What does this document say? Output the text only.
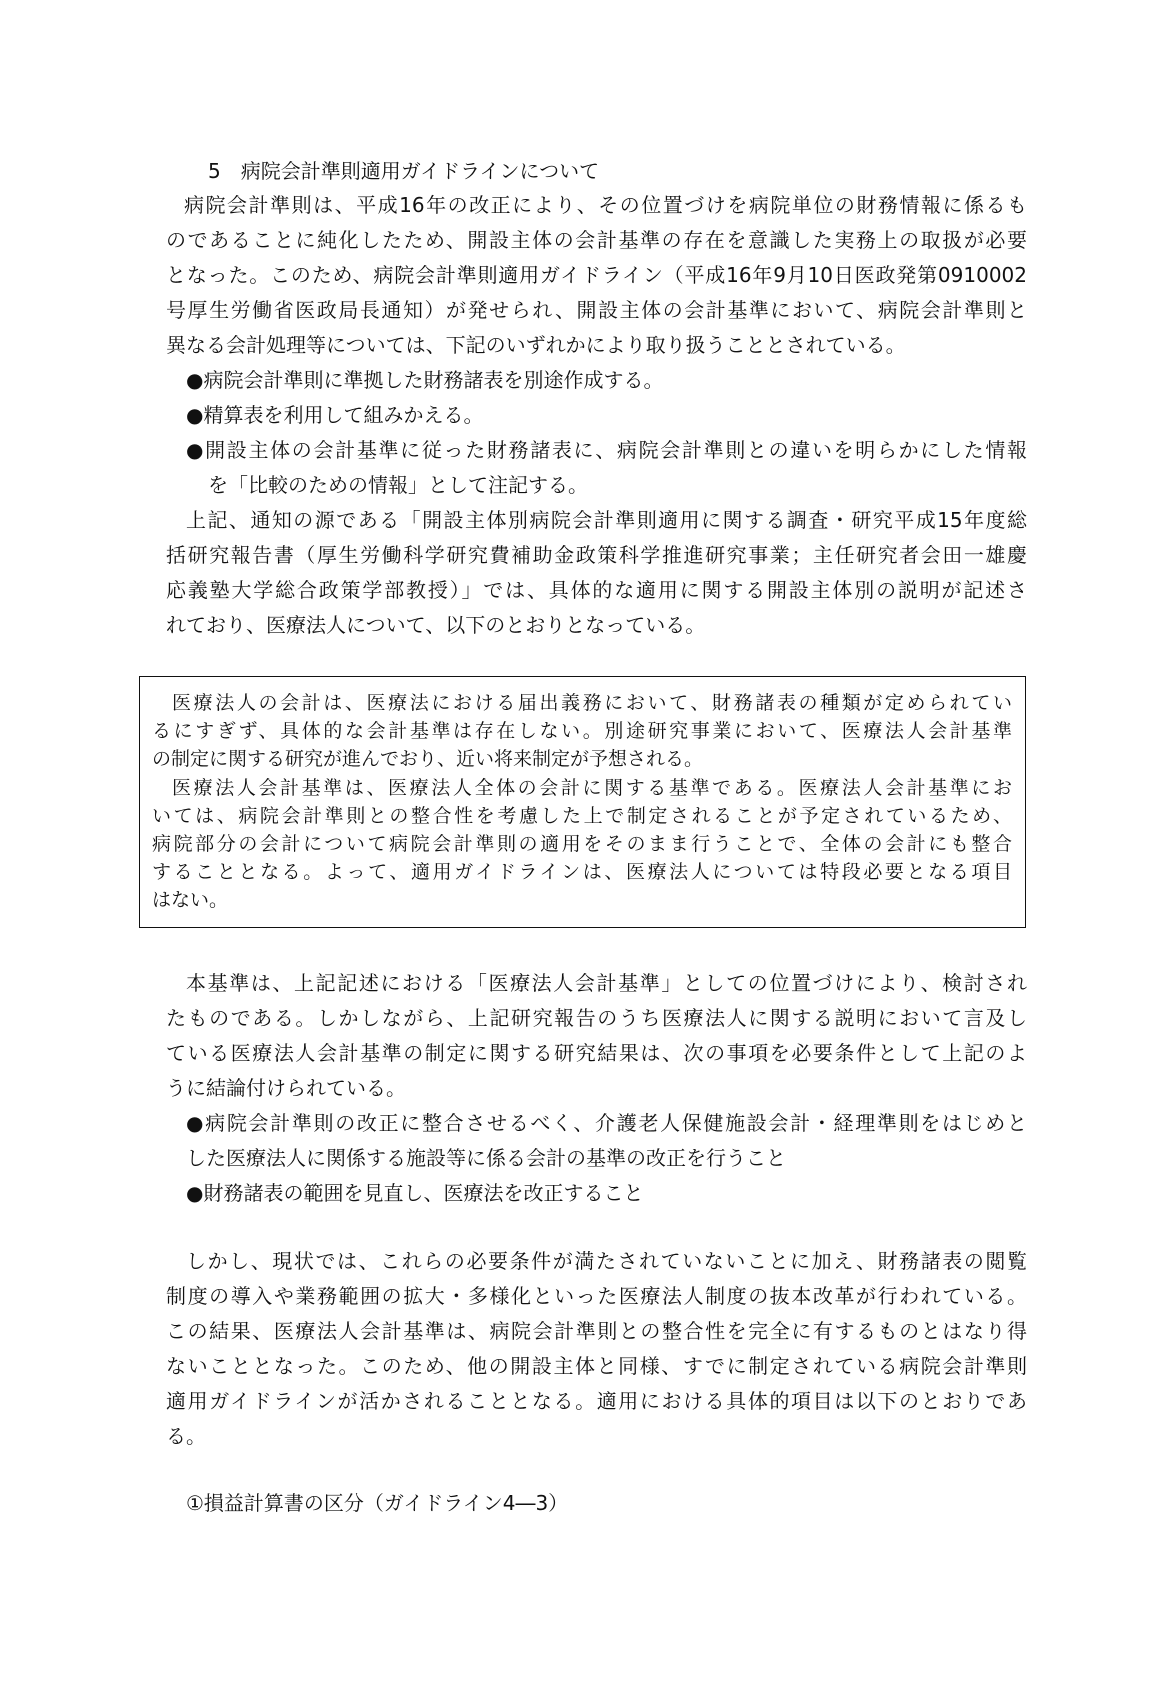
5　病院会計準則適用ガイドラインについて

病院会計準則は、平成16年の改正により、その位置づけを病院単位の財務情報に係るも

のであることに純化したため、開設主体の会計基準の存在を意識した実務上の取扱が必要

となった。このため、病院会計準則適用ガイドライン（平成16年9月10日医政発第0910002

号厚生労働省医政局長通知）が発せられ、開設主体の会計基準において、病院会計準則と

異なる会計処理等については、下記のいずれかにより取り扱うこととされている。

●病院会計準則に準拠した財務諸表を別途作成する。

●精算表を利用して組みかえる。

●開設主体の会計基準に従った財務諸表に、病院会計準則との違いを明らかにした情報

を「比較のための情報」として注記する。

上記、通知の源である「開設主体別病院会計準則適用に関する調査・研究平成15年度総

括研究報告書（厚生労働科学研究費補助金政策科学推進研究事業；主任研究者会田一雄慶

応義塾大学総合政策学部教授）」では、具体的な適用に関する開設主体別の説明が記述さ

れており、医療法人について、以下のとおりとなっている。

医療法人の会計は、医療法における届出義務において、財務諸表の種類が定められてい

るにすぎず、具体的な会計基準は存在しない。別途研究事業において、医療法人会計基準

の制定に関する研究が進んでおり、近い将来制定が予想される。

医療法人会計基準は、医療法人全体の会計に関する基準である。医療法人会計基準にお

いては、病院会計準則との整合性を考慮した上で制定されることが予定されているため、

病院部分の会計について病院会計準則の適用をそのまま行うことで、全体の会計にも整合

することとなる。よって、適用ガイドラインは、医療法人については特段必要となる項目

はない。

本基準は、上記記述における「医療法人会計基準」としての位置づけにより、検討され

たものである。しかしながら、上記研究報告のうち医療法人に関する説明において言及し

ている医療法人会計基準の制定に関する研究結果は、次の事項を必要条件として上記のよ

うに結論付けられている。

●病院会計準則の改正に整合させるべく、介護老人保健施設会計・経理準則をはじめと

した医療法人に関係する施設等に係る会計の基準の改正を行うこと

●財務諸表の範囲を見直し、医療法を改正すること

しかし、現状では、これらの必要条件が満たされていないことに加え、財務諸表の閲覧

制度の導入や業務範囲の拡大・多様化といった医療法人制度の抜本改革が行われている。

この結果、医療法人会計基準は、病院会計準則との整合性を完全に有するものとはなり得

ないこととなった。このため、他の開設主体と同様、すでに制定されている病院会計準則

適用ガイドラインが活かされることとなる。適用における具体的項目は以下のとおりであ

る。

①損益計算書の区分（ガイドライン4―3）
